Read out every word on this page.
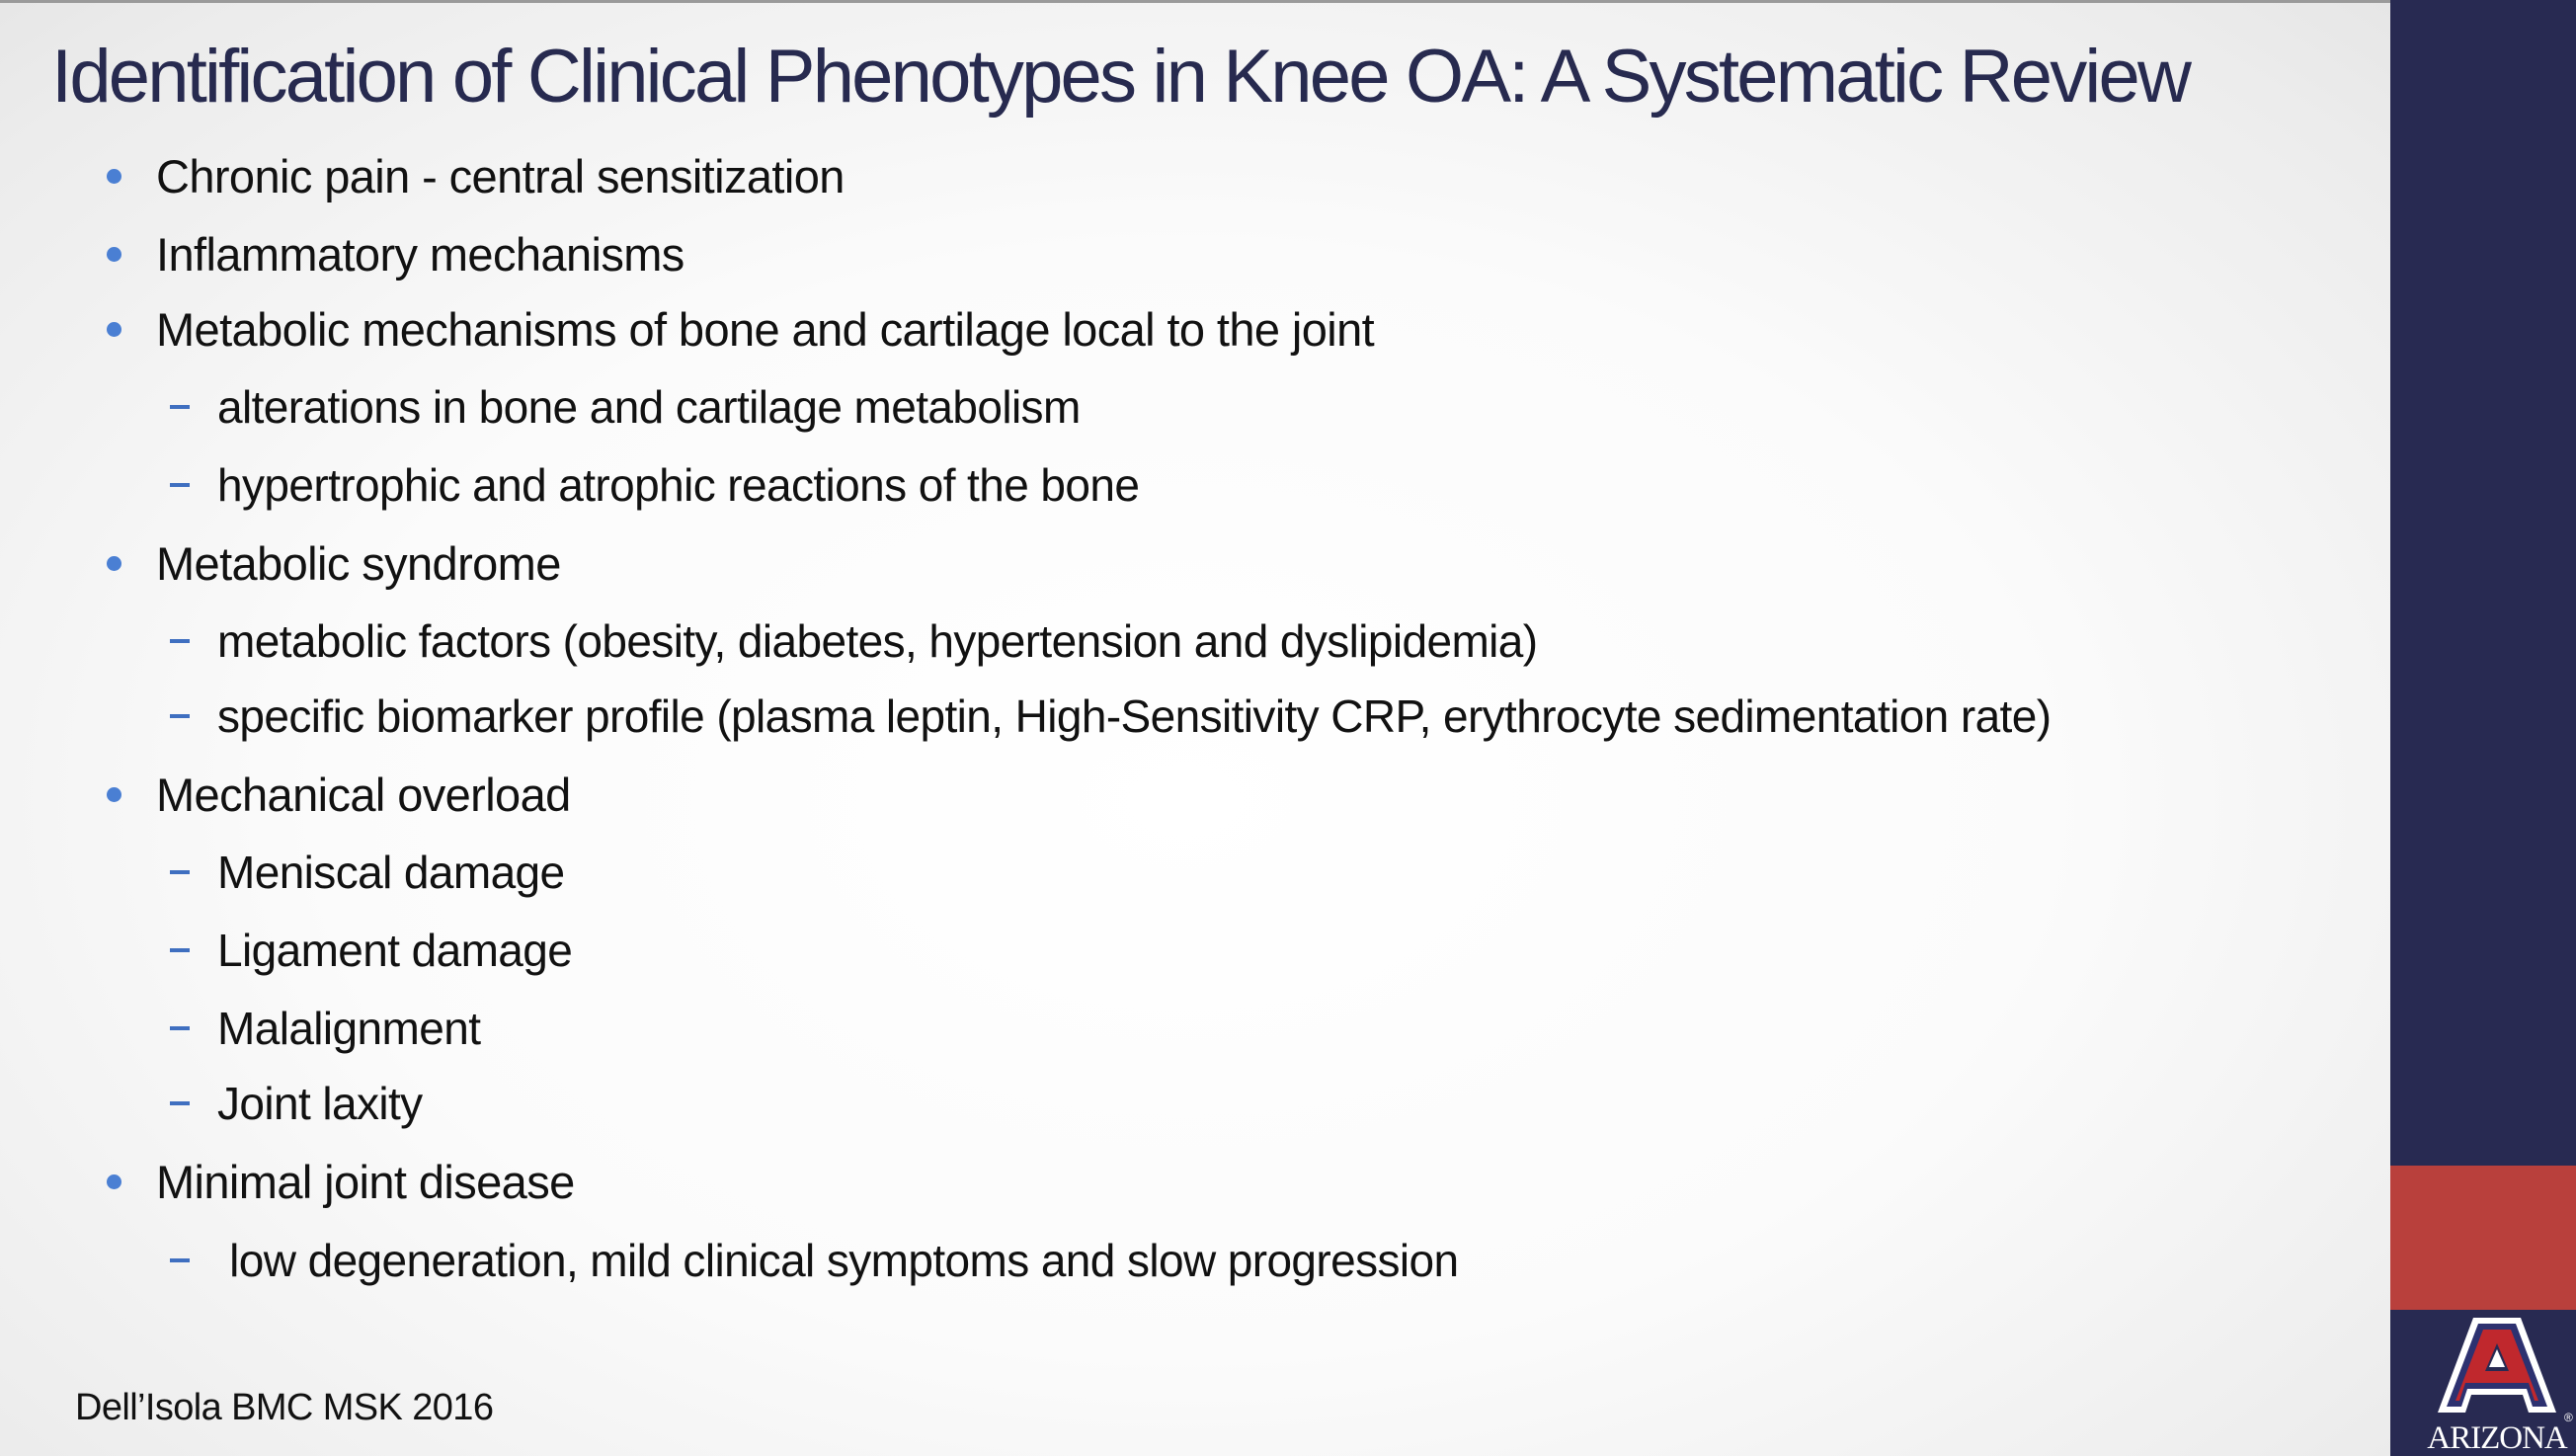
Identification of Clinical Phenotypes in Knee OA: A Systematic Review
Chronic pain - central sensitization
Inflammatory mechanisms
Metabolic mechanisms of bone and cartilage local to the joint
alterations in bone and cartilage metabolism
hypertrophic and atrophic reactions of the bone
Metabolic syndrome
metabolic factors (obesity, diabetes, hypertension and dyslipidemia)
specific biomarker profile (plasma leptin, High-Sensitivity CRP, erythrocyte sedimentation rate)
Mechanical overload
Meniscal damage
Ligament damage
Malalignment
Joint laxity
Minimal joint disease
low degeneration, mild clinical symptoms and slow progression
Dell’Isola BMC MSK 2016	®
ARIZONA
